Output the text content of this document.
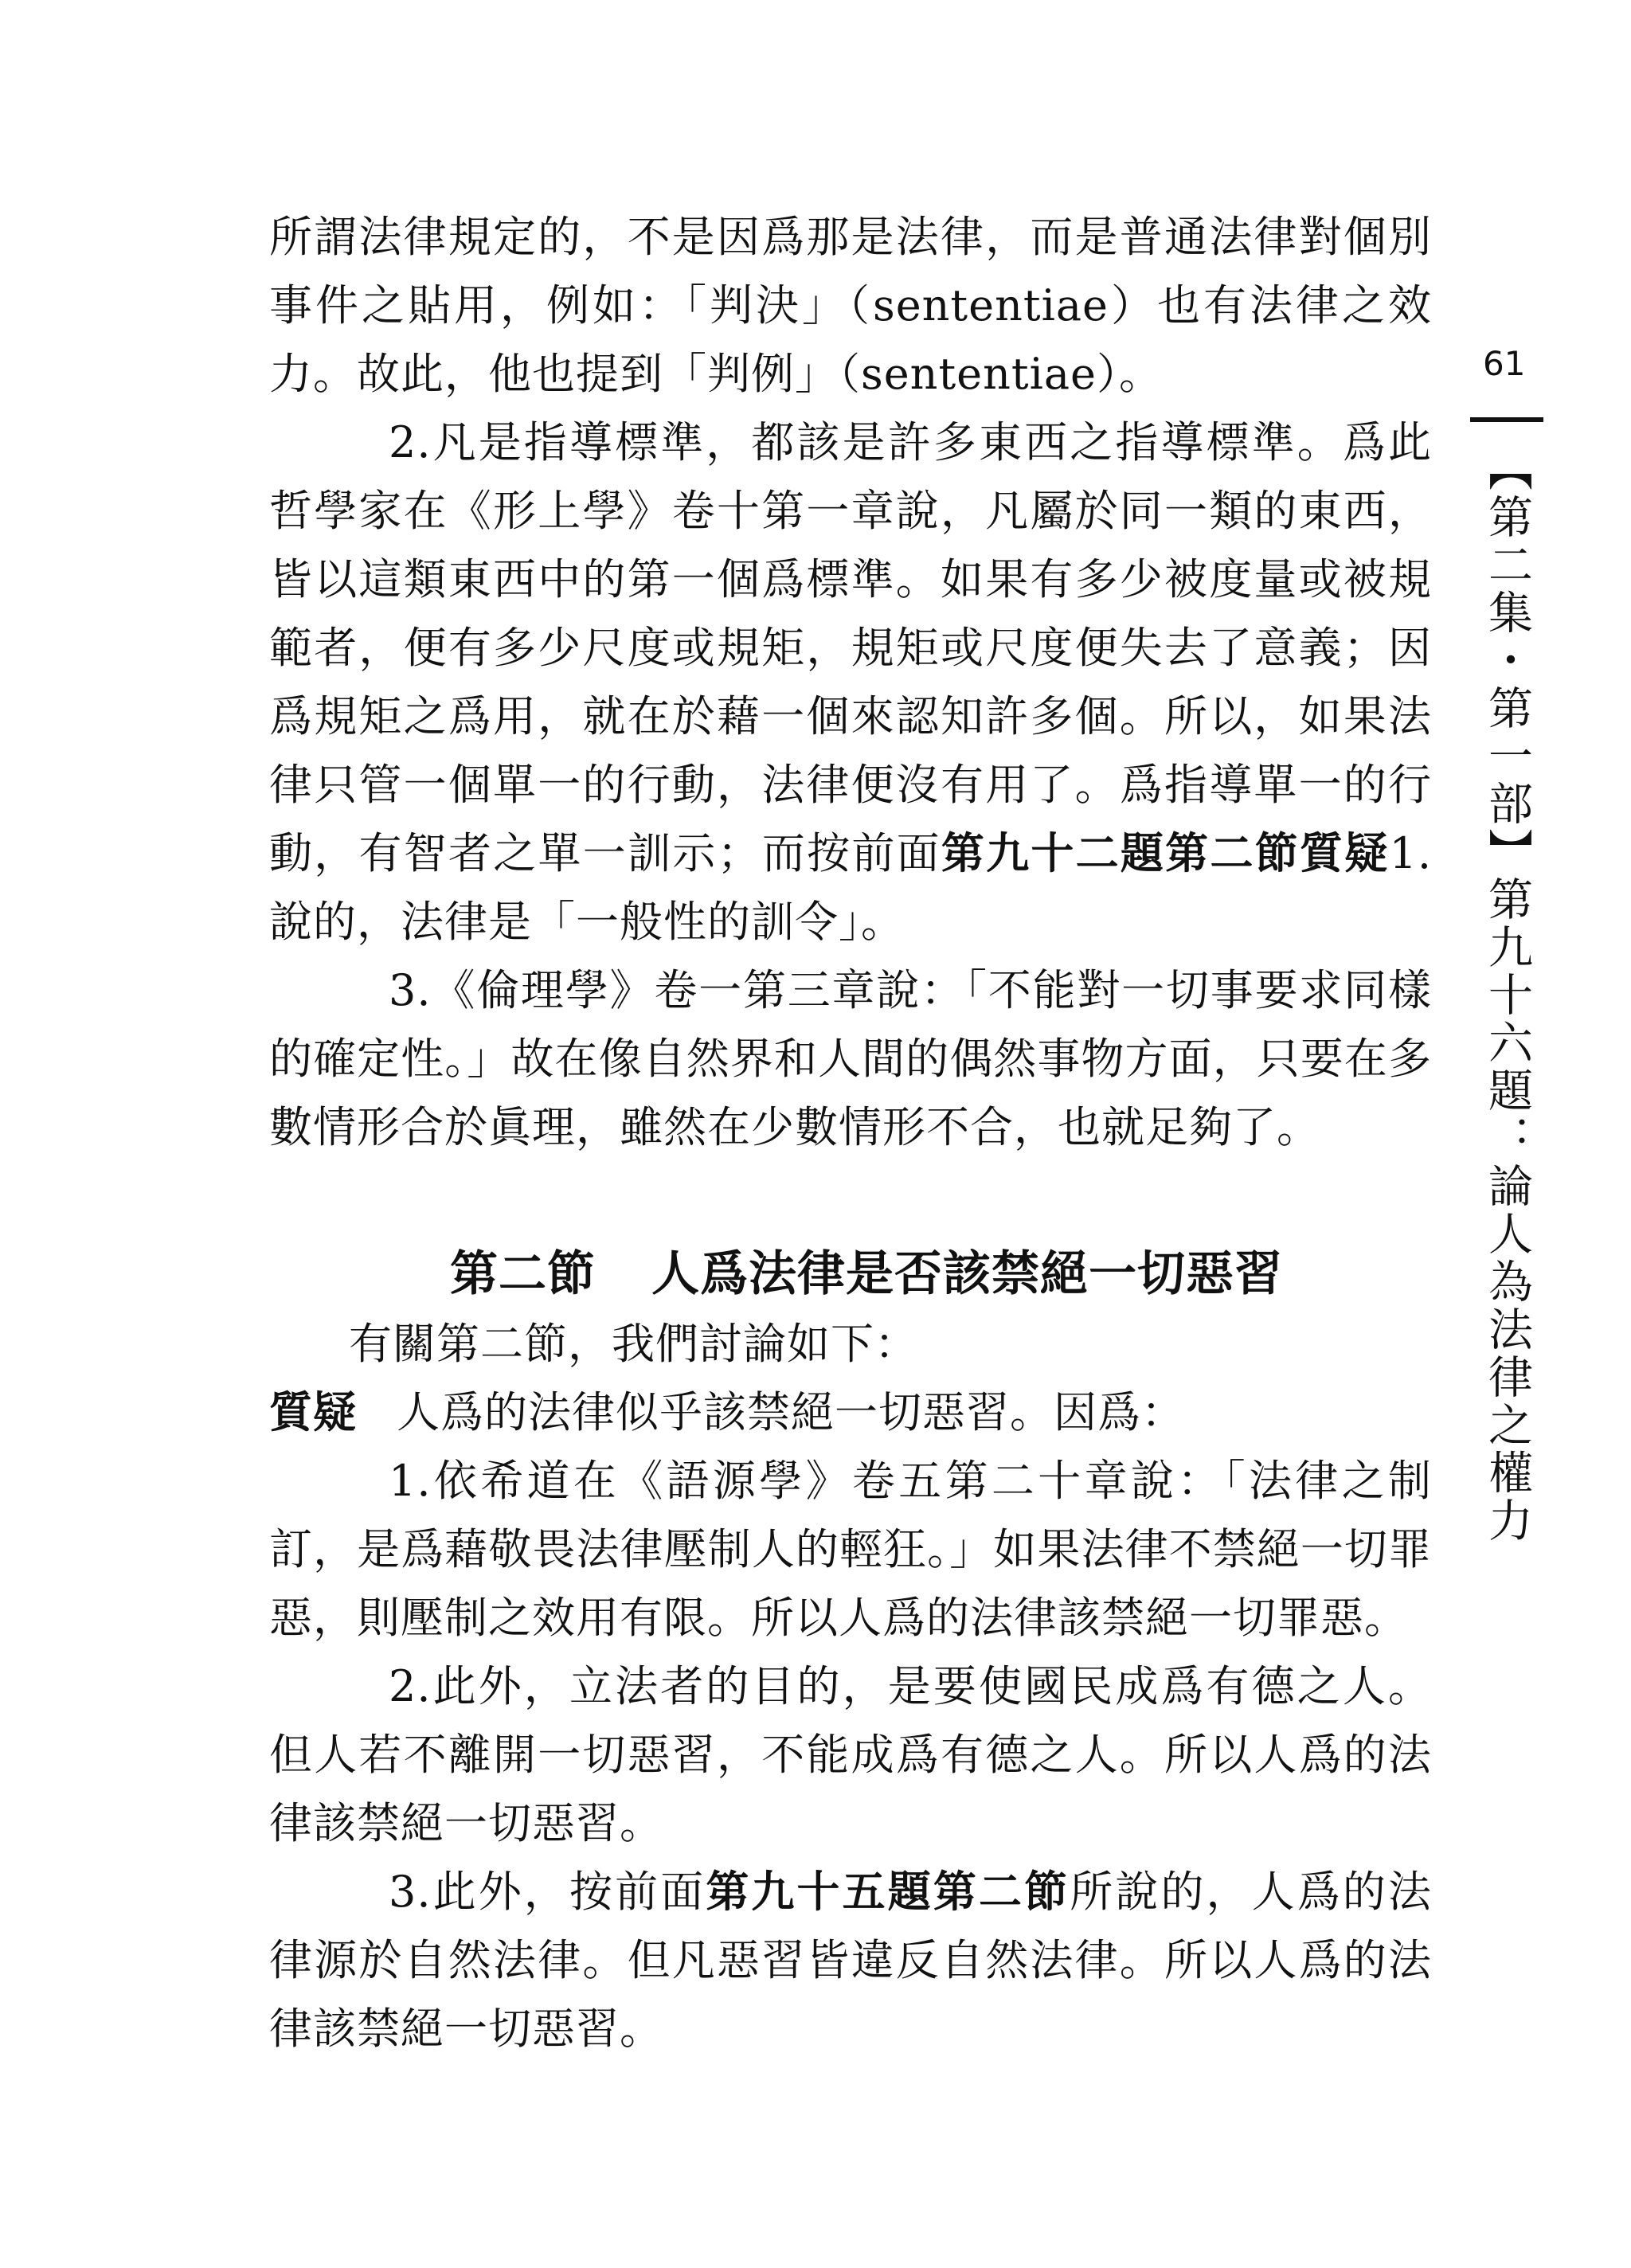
所謂法律規定的，不是因爲那是法律，而是普通法律對個別事件之貼用，例如：「判決」（sententiae）也有法律之效力。故此，他也提到「判例」（sententiae）。

2.凡是指導標準，都該是許多東西之指導標準。爲此哲學家在《形上學》卷十第一章說，凡屬於同一類的東西，皆以這類東西中的第一個爲標準。如果有多少被度量或被規範者，便有多少尺度或規矩，規矩或尺度便失去了意義；因爲規矩之爲用，就在於藉一個來認知許多個。所以，如果法律只管一個單一的行動，法律便沒有用了。爲指導單一的行動，有智者之單一訓示；而按前面第九十二題第二節質疑1.說的，法律是「一般性的訓令」。

3.《倫理學》卷一第三章說：「不能對一切事要求同樣的確定性。」故在像自然界和人間的偶然事物方面，只要在多數情形合於眞理，雖然在少數情形不合，也就足夠了。

第二節 人爲法律是否該禁絕一切惡習

有關第二節，我們討論如下：

質疑 人爲的法律似乎該禁絕一切惡習。因爲：

1.依希道在《語源學》卷五第二十章說：「法律之制訂，是爲藉敬畏法律壓制人的輕狂。」如果法律不禁絕一切罪惡，則壓制之效用有限。所以人爲的法律該禁絕一切罪惡。

2.此外，立法者的目的，是要使國民成爲有德之人。但人若不離開一切惡習，不能成爲有德之人。所以人爲的法律該禁絕一切惡習。

3.此外，按前面第九十五題第二節所說的，人爲的法律源於自然法律。但凡惡習皆違反自然法律。所以人爲的法律該禁絕一切惡習。

61
【第二集・第一部】第九十六題：論人為法律之權力
